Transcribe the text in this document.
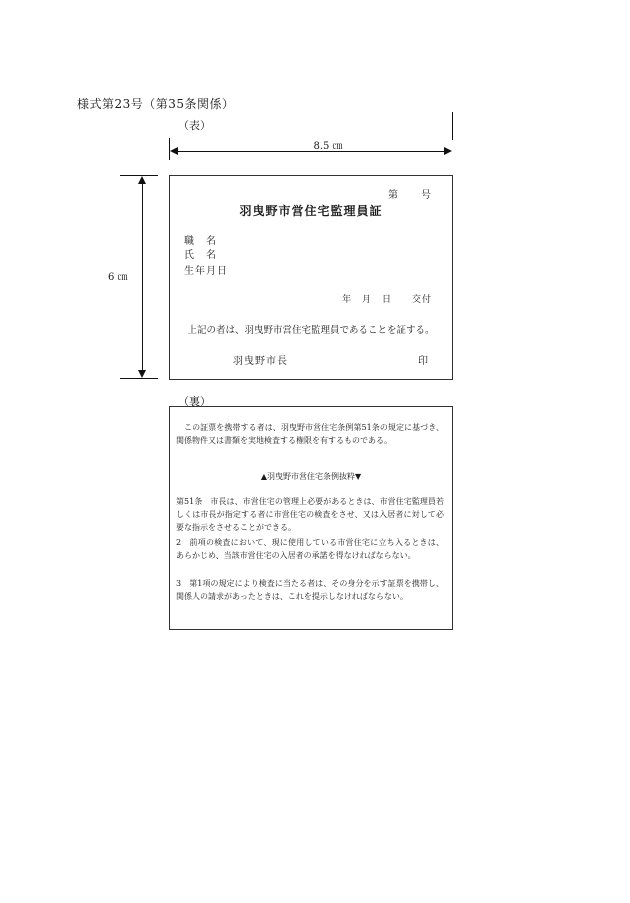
様式第23号（第35条関係）
（表）
8.5 ㎝
6 ㎝
第　　号
羽曳野市営住宅監理員証
職　名
氏　名
生年月日
年　月　日　　交付
上記の者は、羽曳野市営住宅監理員であることを証する。
羽曳野市長	印
（裏）
この証票を携帯する者は、羽曳野市営住宅条例第51条の規定に基づき、関係物件又は書類を実地検査する権限を有するものである。
▲羽曳野市営住宅条例抜粋▼
第51条　市長は、市営住宅の管理上必要があるときは、市営住宅監理員若しくは市長が指定する者に市営住宅の検査をさせ、又は入居者に対して必要な指示をさせることができる。
2　前項の検査において、現に使用している市営住宅に立ち入るときは、あらかじめ、当該市営住宅の入居者の承諾を得なければならない。
3　第1項の規定により検査に当たる者は、その身分を示す証票を携帯し、関係人の請求があったときは、これを提示しなければならない。
